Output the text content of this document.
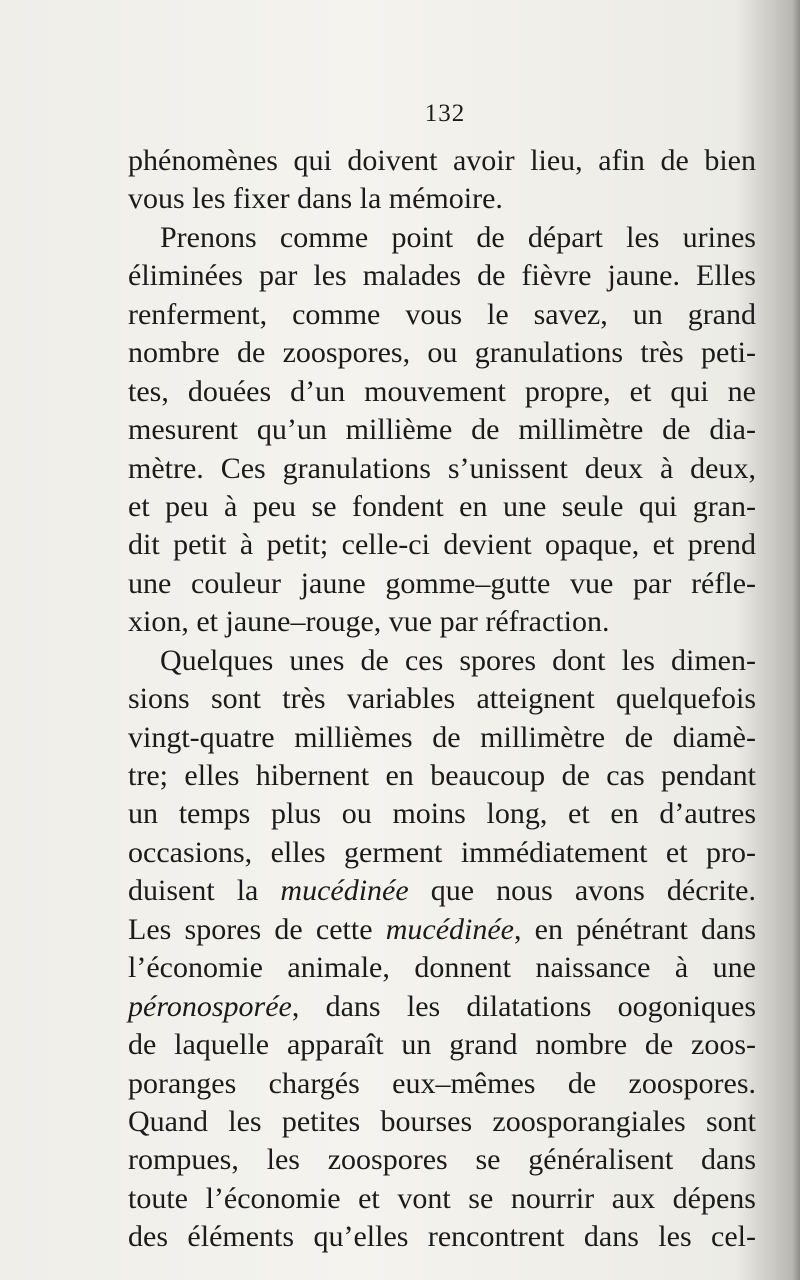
132
phénomènes qui doivent avoir lieu, afin de bien
vous les fixer dans la mémoire.
Prenons comme point de départ les urines
éliminées par les malades de fièvre jaune. Elles
renferment, comme vous le savez, un grand
nombre de zoospores, ou granulations très peti-
tes, douées d’un mouvement propre, et qui ne
mesurent qu’un millième de millimètre de dia-
mètre. Ces granulations s’unissent deux à deux,
et peu à peu se fondent en une seule qui gran-
dit petit à petit; celle-ci devient opaque, et prend
une couleur jaune gomme–gutte vue par réfle-
xion, et jaune–rouge, vue par réfraction.
Quelques unes de ces spores dont les dimen-
sions sont très variables atteignent quelquefois
vingt-quatre millièmes de millimètre de diamè-
tre; elles hibernent en beaucoup de cas pendant
un temps plus ou moins long, et en d’autres
occasions, elles germent immédiatement et pro-
duisent la mucédinée que nous avons décrite.
Les spores de cette mucédinée, en pénétrant dans
l’économie animale, donnent naissance à une
péronosporée, dans les dilatations oogoniques
de laquelle apparaît un grand nombre de zoos-
poranges chargés eux–mêmes de zoospores.
Quand les petites bourses zoosporangiales sont
rompues, les zoospores se généralisent dans
toute l’économie et vont se nourrir aux dépens
des éléments qu’elles rencontrent dans les cel-
